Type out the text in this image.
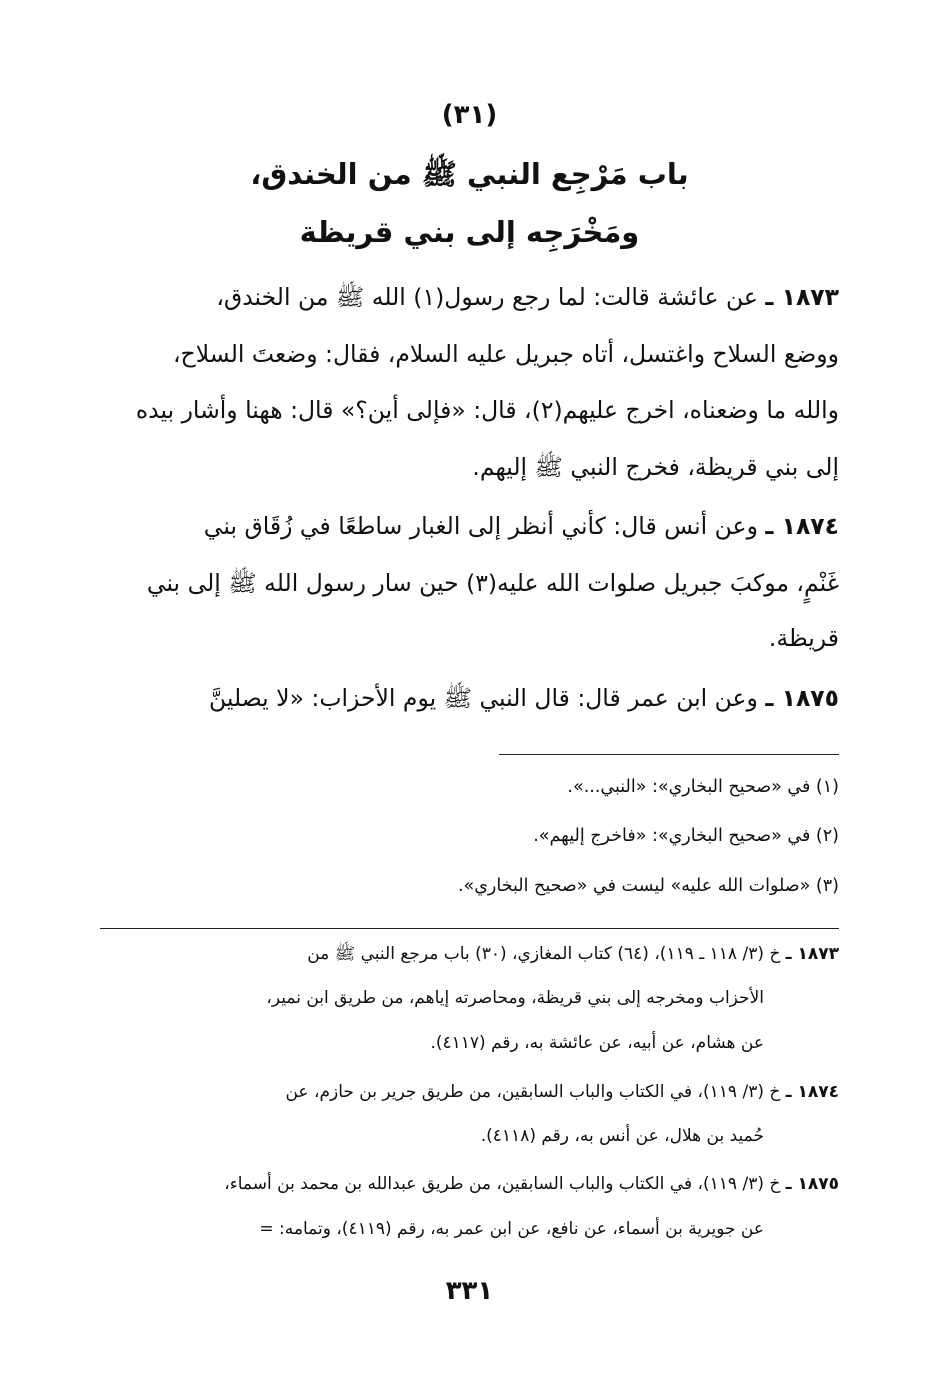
(٣١)
باب مَرْجِع النبي ﷺ من الخندق،
ومَخْرَجِه إلى بني قريظة
١٨٧٣ ـ عن عائشة قالت: لما رجع رسول(١) الله ﷺ من الخندق،
ووضع السلاح واغتسل، أتاه جبريل عليه السلام، فقال: وضعتَ السلاح،
والله ما وضعناه، اخرج عليهم(٢)، قال: «فإلى أين؟» قال: ههنا وأشار بيده
إلى بني قريظة، فخرج النبي ﷺ إليهم.
١٨٧٤ ـ وعن أنس قال: كأني أنظر إلى الغبار ساطعًا في زُقَاق بني
غَنْمٍ، موكبَ جبريل صلوات الله عليه(٣) حين سار رسول الله ﷺ إلى بني
قريظة.
١٨٧٥ ـ وعن ابن عمر قال: قال النبي ﷺ يوم الأحزاب: «لا يصلينَّ
(١) في «صحيح البخاري»: «النبي...».
(٢) في «صحيح البخاري»: «فاخرج إليهم».
(٣) «صلوات الله عليه» ليست في «صحيح البخاري».
١٨٧٣ ـ خ (٣/ ١١٨ ـ ١١٩)، (٦٤) كتاب المغازي، (٣٠) باب مرجع النبي ﷺ من
الأحزاب ومخرجه إلى بني قريظة، ومحاصرته إياهم، من طريق ابن نمير،
عن هشام، عن أبيه، عن عائشة به، رقم (٤١١٧).
١٨٧٤ ـ خ (٣/ ١١٩)، في الكتاب والباب السابقين، من طريق جرير بن حازم، عن
حُميد بن هلال، عن أنس به، رقم (٤١١٨).
١٨٧٥ ـ خ (٣/ ١١٩)، في الكتاب والباب السابقين، من طريق عبدالله بن محمد بن أسماء،
عن جويرية بن أسماء، عن نافع، عن ابن عمر به، رقم (٤١١٩)، وتمامه: =
٣٣١
